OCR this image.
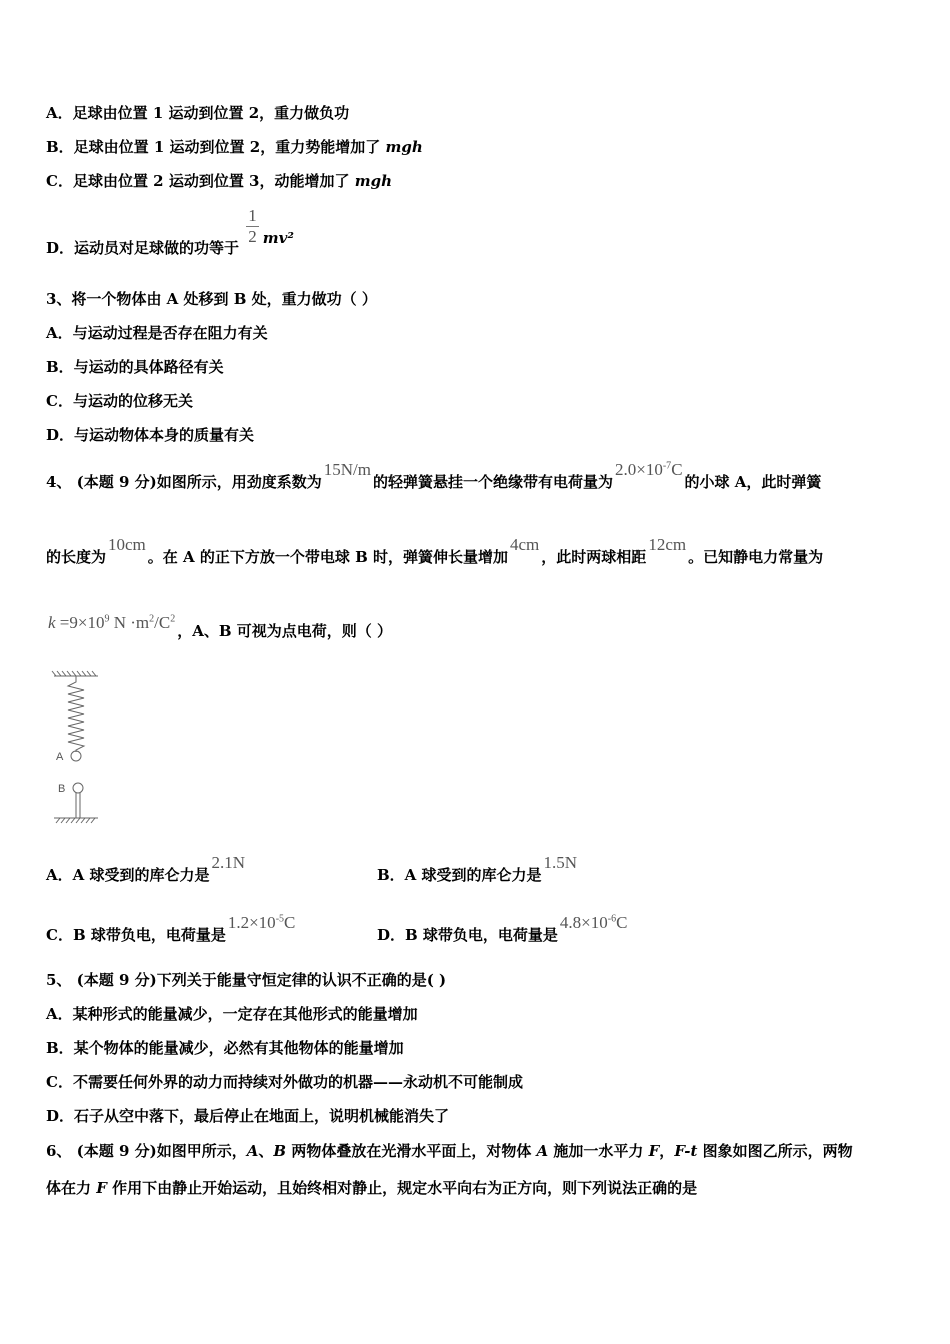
A．足球由位置 1 运动到位置 2，重力做负功
B．足球由位置 1 运动到位置 2，重力势能增加了 mgh
C．足球由位置 2 运动到位置 3，动能增加了 mgh
D．运动员对足球做的功等于
$\frac{1}{2} mv^2$
3、将一个物体由 A 处移到 B 处，重力做功（ ）
A．与运动过程是否存在阻力有关
B．与运动的具体路径有关
C．与运动的位移无关
D．与运动物体本身的质量有关
4、 (本题 9 分)如图所示，用劲度系数为15N/m的轻弹簧悬挂一个绝缘带有电荷量为$2.0\times 10^{-7}C$的小球 A，此时弹簧
的长度为10cm。在 A 的正下方放一个带电球 B 时，弹簧伸长量增加4cm，此时两球相距12cm。已知静电力常量为
$k =9\times 10^9$ $N \cdot m^2/C^2$，A、B 可视为点电荷，则（ ）
A
B
A．A 球受到的库仑力是2.1N
B．A 球受到的库仑力是1.5N
C．B 球带负电，电荷量是$1.2\times 10^{-5}C$
D．B 球带负电，电荷量是$4.8\times 10^{-6}C$
5、 (本题 9 分)下列关于能量守恒定律的认识不正确的是( )
A．某种形式的能量减少，一定存在其他形式的能量增加
B．某个物体的能量减少，必然有其他物体的能量增加
C．不需要任何外界的动力而持续对外做功的机器——永动机不可能制成
D．石子从空中落下，最后停止在地面上，说明机械能消失了
6、 (本题 9 分)如图甲所示，A、B 两物体叠放在光滑水平面上，对物体 A 施加一水平力 F，F-t 图象如图乙所示，两物
体在力 F 作用下由静止开始运动，且始终相对静止，规定水平向右为正方向，则下列说法正确的是
